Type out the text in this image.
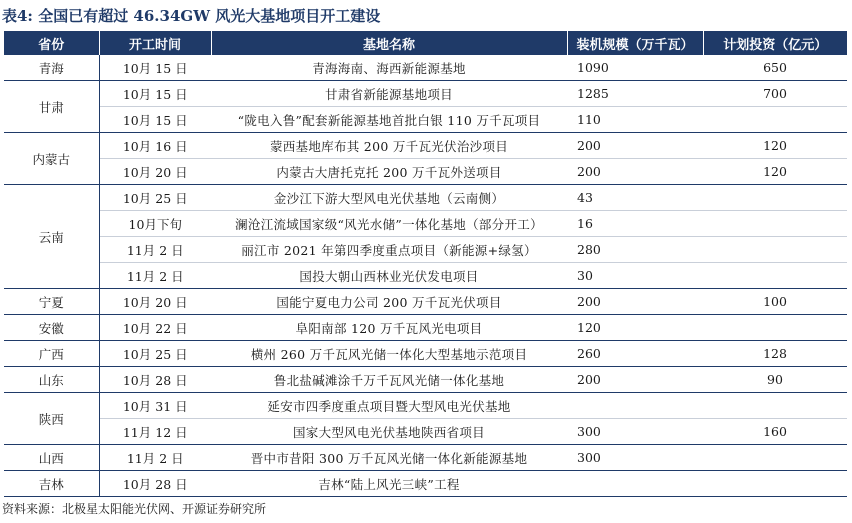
表4: 全国已有超过 46.34GW 风光大基地项目开工建设
省份	开工时间	基地名称	装机规模（万千瓦）	计划投资（亿元）
青海	10月 15 日	青海海南、海西新能源基地	1090	650
甘肃	10月 15 日	甘肃省新能源基地项目	1285	700
	10月 15 日	“陇电入鲁”配套新能源基地首批白银 110 万千瓦项目	110	
内蒙古	10月 16 日	蒙西基地库布其 200 万千瓦光伏治沙项目	200	120
	10月 20 日	内蒙古大唐托克托 200 万千瓦外送项目	200	120
云南	10月 25 日	金沙江下游大型风电光伏基地（云南侧）	43	
	10月下旬	澜沧江流域国家级“风光水储”一体化基地（部分开工）	16	
	11月 2 日	丽江市 2021 年第四季度重点项目（新能源+绿氢）	280	
	11月 2 日	国投大朝山西林业光伏发电项目	30	
宁夏	10月 20 日	国能宁夏电力公司 200 万千瓦光伏项目	200	100
安徽	10月 22 日	阜阳南部 120 万千瓦风光电项目	120	
广西	10月 25 日	横州 260 万千瓦风光储一体化大型基地示范项目	260	128
山东	10月 28 日	鲁北盐碱滩涂千万千瓦风光储一体化基地	200	90
陕西	10月 31 日	延安市四季度重点项目暨大型风电光伏基地		
	11月 12 日	国家大型风电光伏基地陕西省项目	300	160
山西	11月 2 日	晋中市昔阳 300 万千瓦风光储一体化新能源基地	300	
吉林	10月 28 日	吉林“陆上风光三峡”工程		
资料来源：北极星太阳能光伏网、开源证券研究所
